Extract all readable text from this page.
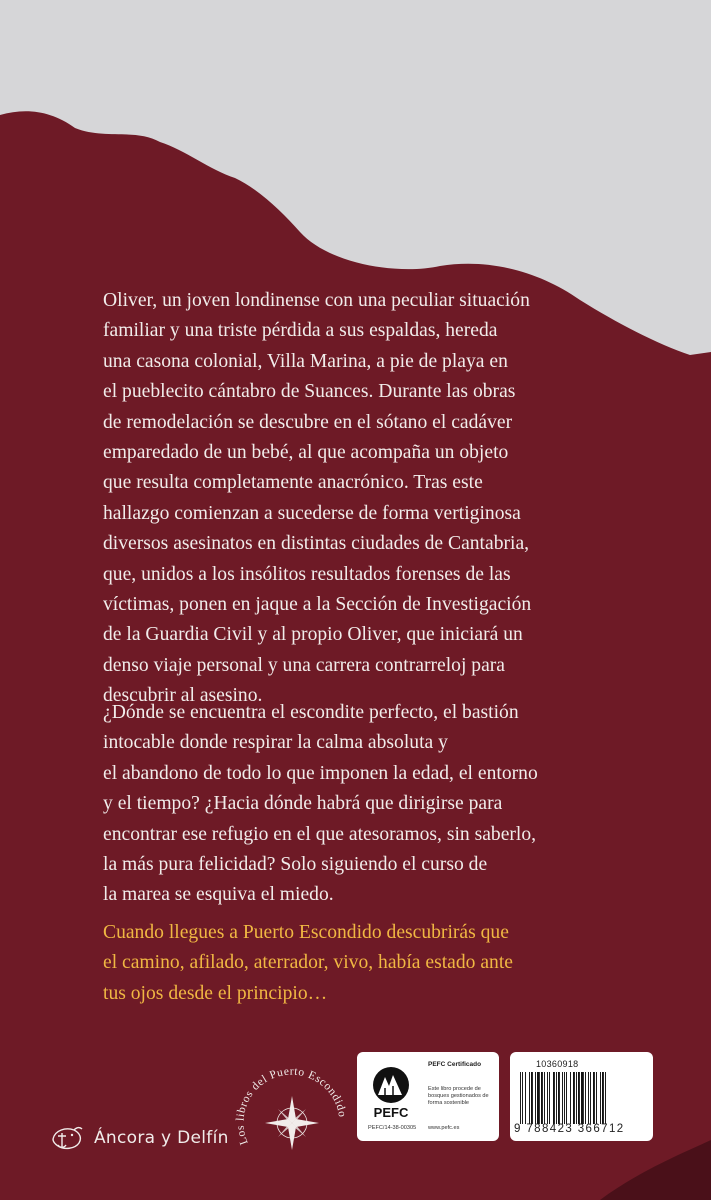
Oliver, un joven londinense con una peculiar situación
familiar y una triste pérdida a sus espaldas, hereda
una casona colonial, Villa Marina, a pie de playa en
el pueblecito cántabro de Suances. Durante las obras
de remodelación se descubre en el sótano el cadáver
emparedado de un bebé, al que acompaña un objeto
que resulta completamente anacrónico. Tras este
hallazgo comienzan a sucederse de forma vertiginosa
diversos asesinatos en distintas ciudades de Cantabria,
que, unidos a los insólitos resultados forenses de las
víctimas, ponen en jaque a la Sección de Investigación
de la Guardia Civil y al propio Oliver, que iniciará un
denso viaje personal y una carrera contrarreloj para
descubrir al asesino.

¿Dónde se encuentra el escondite perfecto, el bastión
intocable donde respirar la calma absoluta y
el abandono de todo lo que imponen la edad, el entorno
y el tiempo? ¿Hacia dónde habrá que dirigirse para
encontrar ese refugio en el que atesoramos, sin saberlo,
la más pura felicidad? Solo siguiendo el curso de
la marea se esquiva el miedo.

Cuando llegues a Puerto Escondido descubrirás que
el camino, afilado, aterrador, vivo, había estado ante
tus ojos desde el principio…

Áncora y Delfín Los libros del Puerto Escondido PEFC
PEFC Certificado
Este libro procede de bosques gestionados de forma sostenible
PEFC/14-38-00305 www.pefc.es
10360918
9 788423 366712
